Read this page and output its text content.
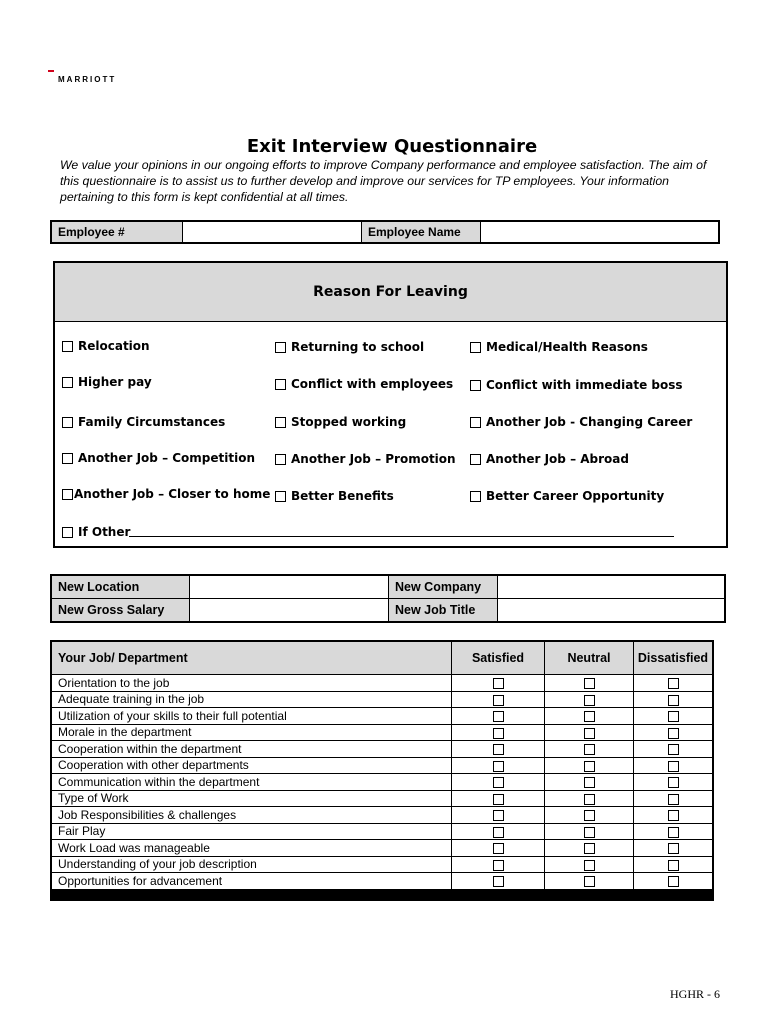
MARRIOTT
Exit Interview Questionnaire
We value your opinions in our ongoing efforts to improve Company performance and employee satisfaction. The aim of this questionnaire is to assist us to further develop and improve our services for TP employees. Your information pertaining to this form is kept confidential at all times.
Employee #	Employee Name
Reason For Leaving
Relocation
Higher pay
Family Circumstances
Another Job – Competition
Another Job – Closer to home
Returning to school
Conflict with employees
Stopped working
Another Job – Promotion
Better Benefits
Medical/Health Reasons
Conflict with immediate boss
Another Job - Changing Career
Another Job – Abroad
Better Career Opportunity
If Other
New Location		New Company	
New Gross Salary		New Job Title	
Your Job/ Department	Satisfied	Neutral	Dissatisfied
Orientation to the job			
Adequate training in the job			
Utilization of your skills to their full potential			
Morale in the department			
Cooperation within the department			
Cooperation with other departments			
Communication within the department			
Type of Work			
Job Responsibilities & challenges			
Fair Play			
Work Load was manageable			
Understanding of your job description			
Opportunities for advancement			

HGHR - 6
